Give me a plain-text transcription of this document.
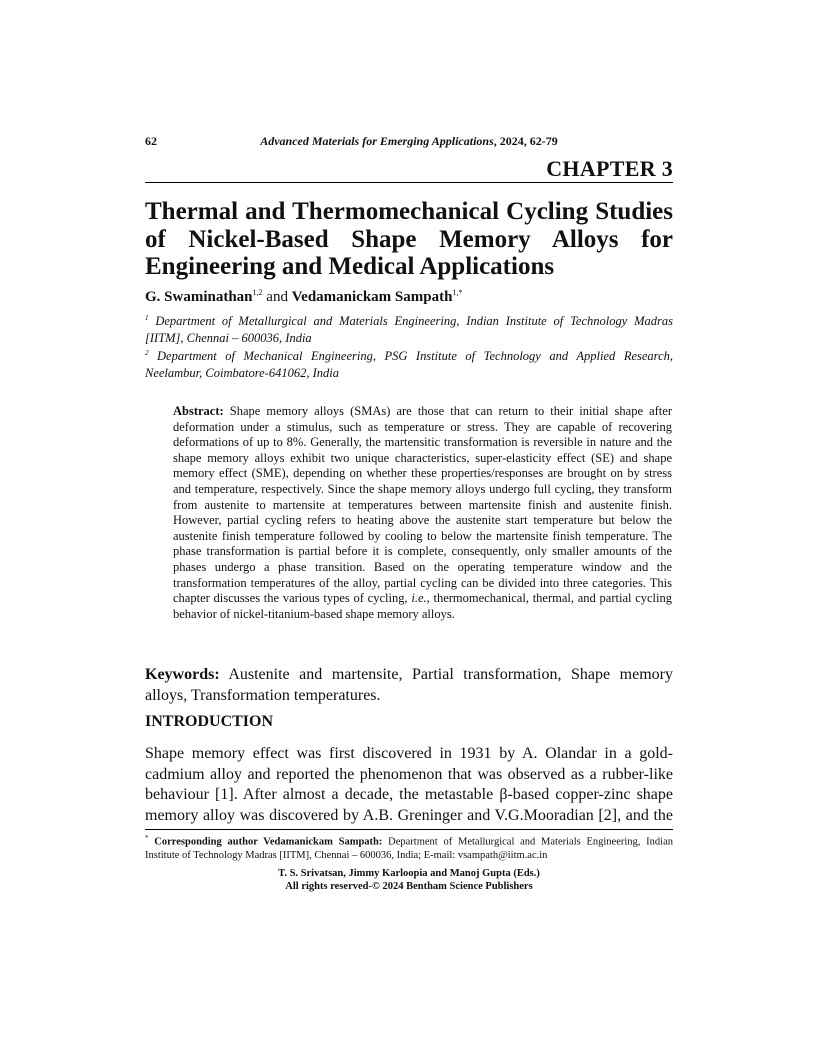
62	Advanced Materials for Emerging Applications, 2024, 62-79
CHAPTER 3
Thermal and Thermomechanical Cycling Studies of Nickel-Based Shape Memory Alloys for Engineering and Medical Applications
G. Swaminathan$^{1,2}$ and Vedamanickam Sampath$^{1,*}$
$^1$ Department of Metallurgical and Materials Engineering, Indian Institute of Technology Madras [IITM], Chennai – 600036, India
$^2$ Department of Mechanical Engineering, PSG Institute of Technology and Applied Research, Neelambur, Coimbatore-641062, India
Abstract: Shape memory alloys (SMAs) are those that can return to their initial shape after deformation under a stimulus, such as temperature or stress. They are capable of recovering deformations of up to 8%. Generally, the martensitic transformation is reversible in nature and the shape memory alloys exhibit two unique characteristics, super-elasticity effect (SE) and shape memory effect (SME), depending on whether these properties/responses are brought on by stress and temperature, respectively. Since the shape memory alloys undergo full cycling, they transform from austenite to martensite at temperatures between martensite finish and austenite finish. However, partial cycling refers to heating above the austenite start temperature but below the austenite finish temperature followed by cooling to below the martensite finish temperature. The phase transformation is partial before it is complete, consequently, only smaller amounts of the phases undergo a phase transition. Based on the operating temperature window and the transformation temperatures of the alloy, partial cycling can be divided into three categories. This chapter discusses the various types of cycling, i.e., thermomechanical, thermal, and partial cycling behavior of nickel-titanium-based shape memory alloys.
Keywords: Austenite and martensite, Partial transformation, Shape memory alloys, Transformation temperatures.
INTRODUCTION
Shape memory effect was first discovered in 1931 by A. Olandar in a gold-cadmium alloy and reported the phenomenon that was observed as a rubber-like behaviour [1]. After almost a decade, the metastable β-based copper-zinc shape memory alloy was discovered by A.B. Greninger and V.G.Mooradian [2], and the
* Corresponding author Vedamanickam Sampath: Department of Metallurgical and Materials Engineering, Indian Institute of Technology Madras [IITM], Chennai – 600036, India; E-mail: vsampath@iitm.ac.in
T. S. Srivatsan, Jimmy Karloopia and Manoj Gupta (Eds.)
All rights reserved-© 2024 Bentham Science Publishers
